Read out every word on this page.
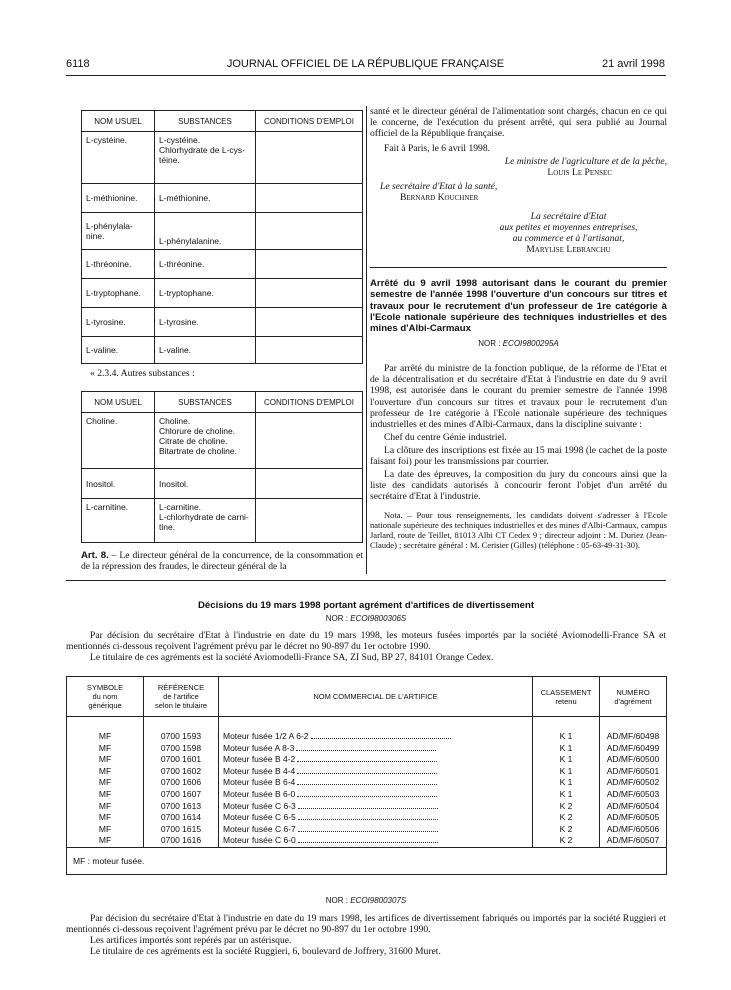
6118	JOURNAL OFFICIEL DE LA RÉPUBLIQUE FRANÇAISE	21 avril 1998
NOM USUEL	SUBSTANCES	CONDITIONS D'EMPLOI
L-cystéine.	L-cystéine.
Chlorhydrate de L-cys-
téine.	
L-méthionine.	L-méthionine.	
L-phénylala-
nine.	L-phénylalanine.	
L-thréonine.	L-thréonine.	
L-tryptophane.	L-tryptophane.	
L-tyrosine.	L-tyrosine.	
L-valine.	L-valine.	
« 2.3.4. Autres substances :
NOM USUEL	SUBSTANCES	CONDITIONS D'EMPLOI
Choline.	Choline.
Chlorure de choline.
Citrate de choline.
Bitartrate de choline.	
Inositol.	Inositol.	
L-carnitine.	L-carnitine.
L-chlorhydrate de carni-
tine.	
Art. 8. – Le directeur général de la concurrence, de la consommation et de la répression des fraudes, le directeur général de la

santé et le directeur général de l'alimentation sont chargés, chacun en ce qui le concerne, de l'exécution du présent arrêté, qui sera publié au Journal officiel de la République française.

Fait à Paris, le 6 avril 1998.

Le ministre de l'agriculture et de la pêche,
Louis Le Pensec
Le secrétaire d'Etat à la santé,
Bernard Kouchner
La secrétaire d'Etat
aux petites et moyennes entreprises,
au commerce et à l'artisanat,
Marylise Lebranchu
Arrêté du 9 avril 1998 autorisant dans le courant du premier semestre de l'année 1998 l'ouverture d'un concours sur titres et travaux pour le recrutement d'un professeur de 1re catégorie à l'Ecole nationale supérieure des techniques industrielles et des mines d'Albi-Carmaux
NOR : ECOI9800295A

Par arrêté du ministre de la fonction publique, de la réforme de l'Etat et de la décentralisation et du secrétaire d'Etat à l'industrie en date du 9 avril 1998, est autorisée dans le courant du premier semestre de l'année 1998 l'ouverture d'un concours sur titres et travaux pour le recrutement d'un professeur de 1re catégorie à l'Ecole nationale supérieure des techniques industrielles et des mines d'Albi-Carmaux, dans la discipline suivante :

Chef du centre Génie industriel.

La clôture des inscriptions est fixée au 15 mai 1998 (le cachet de la poste faisant foi) pour les transmissions par courrier.

La date des épreuves, la composition du jury du concours ainsi que la liste des candidats autorisés à concourir feront l'objet d'un arrêté du secrétaire d'Etat à l'industrie.

Nota. – Pour tous renseignements, les candidats doivent s'adresser à l'Ecole nationale supérieure des techniques industrielles et des mines d'Albi-Carmaux, campus Jarlard, route de Teillet, 81013 Albi CT Cedex 9 ; directeur adjoint : M. Duriez (Jean-Claude) ; secrétaire général : M. Cerisier (Gilles) (téléphone : 05-63-49-31-30).

Décisions du 19 mars 1998 portant agrément d'artifices de divertissement
NOR : ECOI9800306S

Par décision du secrétaire d'Etat à l'industrie en date du 19 mars 1998, les moteurs fusées importés par la société Aviomodelli-France SA et mentionnés ci-dessous reçoivent l'agrément prévu par le décret no 90-897 du 1er octobre 1990.

Le titulaire de ces agréments est la société Aviomodelli-France SA, ZI Sud, BP 27, 84101 Orange Cedex.

SYMBOLE
du nom
générique	RÉFÉRENCE
de l'artifice
selon le titulaire	NOM COMMERCIAL DE L'ARTIFICE	CLASSEMENT
retenu	NUMÉRO
d'agrément
MF	0700 1593	Moteur fusée 1/2 A 6-2	K 1	AD/MF/60498
MF	0700 1598	Moteur fusée A 8-3	K 1	AD/MF/60499
MF	0700 1601	Moteur fusée B 4-2	K 1	AD/MF/60500
MF	0700 1602	Moteur fusée B 4-4	K 1	AD/MF/60501
MF	0700 1606	Moteur fusée B 6-4	K 1	AD/MF/60502
MF	0700 1607	Moteur fusée B 6-0	K 1	AD/MF/60503
MF	0700 1613	Moteur fusée C 6-3	K 2	AD/MF/60504
MF	0700 1614	Moteur fusée C 6-5	K 2	AD/MF/60505
MF	0700 1615	Moteur fusée C 6-7	K 2	AD/MF/60506
MF	0700 1616	Moteur fusée C 6-0	K 2	AD/MF/60507
MF : moteur fusée.				
NOR : ECOI9800307S

Par décision du secrétaire d'Etat à l'industrie en date du 19 mars 1998, les artifices de divertissement fabriqués ou importés par la société Ruggieri et mentionnés ci-dessous reçoivent l'agrément prévu par le décret no 90-897 du 1er octobre 1990.

Les artifices importés sont repérés par un astérisque.

Le titulaire de ces agréments est la société Ruggieri, 6, boulevard de Joffrery, 31600 Muret.
